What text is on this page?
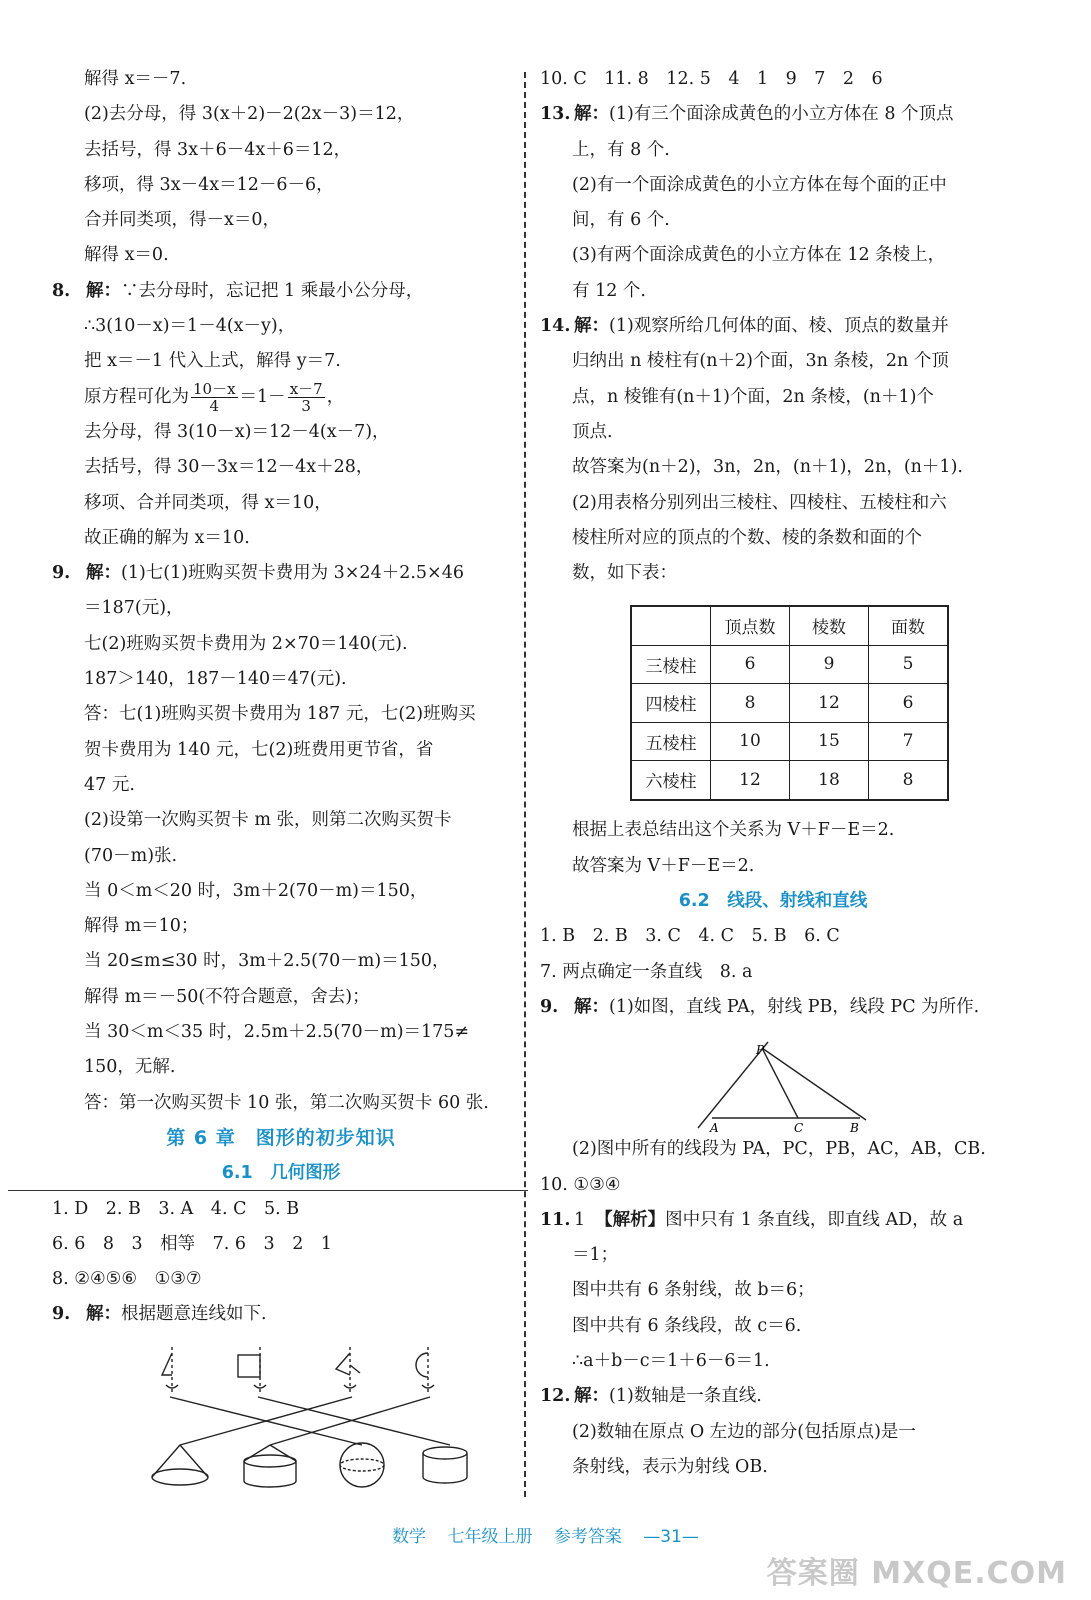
解得 x＝－7.
(2)去分母，得 3(x＋2)－2(2x－3)＝12，
去括号，得 3x＋6－4x＋6＝12，
移项，得 3x－4x＝12－6－6，
合并同类项，得－x＝0，
解得 x＝0.
8. 解：∵去分母时，忘记把 1 乘最小公分母，
∴3(10－x)＝1－4(x－y)，
把 x＝－1 代入上式，解得 y＝7.
原方程可化为 $\frac{10-x}{4} =1- \frac{x-7}{3}$ ，
去分母，得 3(10－x)＝12－4(x－7)，
去括号，得 30－3x＝12－4x＋28，
移项、合并同类项，得 x＝10，
故正确的解为 x＝10.
9. 解：(1)七(1)班购买贺卡费用为 3×24＋2.5×46
＝187(元)，
七(2)班购买贺卡费用为 2×70＝140(元).
187＞140，187－140＝47(元).
答：七(1)班购买贺卡费用为 187 元，七(2)班购买
贺卡费用为 140 元，七(2)班费用更节省，省
47 元.
(2)设第一次购买贺卡 m 张，则第二次购买贺卡
(70－m)张.
当 0＜m＜20 时，3m＋2(70－m)＝150，
解得 m＝10；
当 20≤m≤30 时，3m＋2.5(70－m)＝150，
解得 m＝－50(不符合题意，舍去)；
当 30＜m＜35 时，2.5m＋2.5(70－m)＝175≠
150，无解.
答：第一次购买贺卡 10 张，第二次购买贺卡 60 张.
第 6 章　图形的初步知识
6.1　几何图形
1. D　2. B　3. A　4. C　5. B
6. 6　8　3　相等　7. 6　3　2　1
8. ②④⑤⑥　①③⑦
9. 解：根据题意连线如下.
10. C　11. 8　12. 5　4　1　9　7　2　6
13. 解：(1)有三个面涂成黄色的小立方体在 8 个顶点
上，有 8 个.
(2)有一个面涂成黄色的小立方体在每个面的正中
间，有 6 个.
(3)有两个面涂成黄色的小立方体在 12 条棱上，
有 12 个.
14. 解：(1)观察所给几何体的面、棱、顶点的数量并
归纳出 n 棱柱有(n＋2)个面，3n 条棱，2n 个顶
点，n 棱锥有(n＋1)个面，2n 条棱，(n＋1)个
顶点.
故答案为(n＋2)，3n，2n，(n＋1)，2n，(n＋1).
(2)用表格分别列出三棱柱、四棱柱、五棱柱和六
棱柱所对应的顶点的个数、棱的条数和面的个
数，如下表：
根据上表总结出这个关系为 V＋F－E＝2.
故答案为 V＋F－E＝2.
6.2　线段、射线和直线
1. B　2. B　3. C　4. C　5. B　6. C
7. 两点确定一条直线　8. a
9. 解：(1)如图，直线 PA，射线 PB，线段 PC 为所作.
(2)图中所有的线段为 PA，PC，PB，AC，AB，CB.
10. ①③④
11. 1 【解析】图中只有 1 条直线，即直线 AD，故 a
＝1；
图中共有 6 条射线，故 b＝6；
图中共有 6 条线段，故 c＝6.
∴a＋b－c＝1＋6－6＝1.
12. 解：(1)数轴是一条直线.
(2)数轴在原点 O 左边的部分(包括原点)是一
条射线，表示为射线 OB.
	顶点数	棱数	面数
三棱柱	6	9	5
四棱柱	8	12	6
五棱柱	10	15	7
六棱柱	12	18	8
P
A	C	B
数学 七年级上册 参考答案 —31—
答案圈 MXQE.COM
